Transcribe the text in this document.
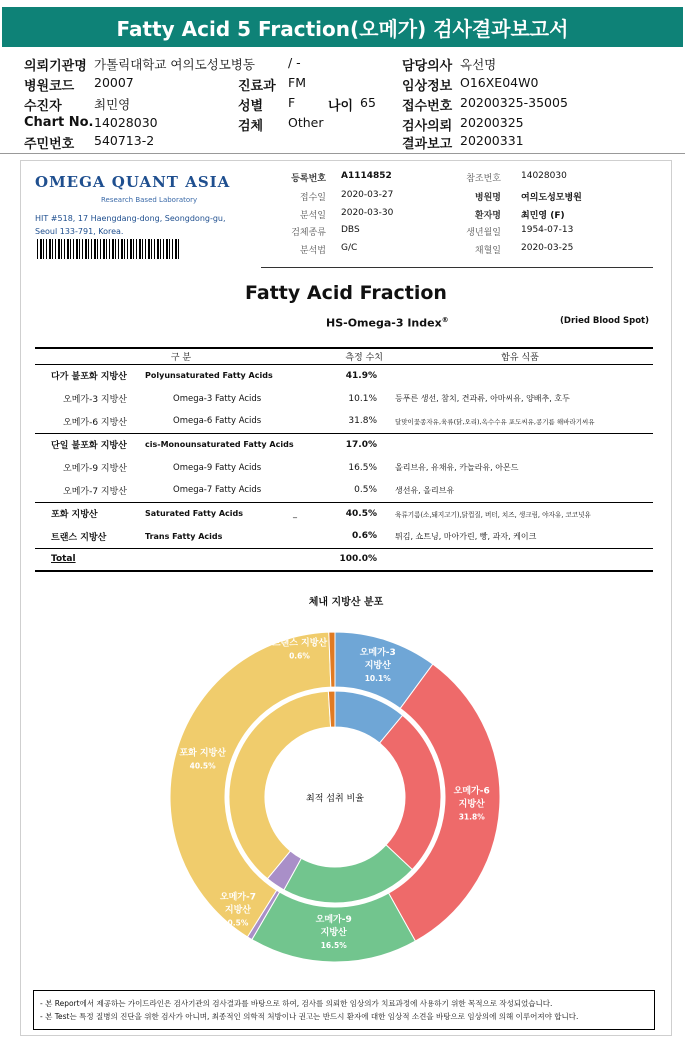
Fatty Acid 5 Fraction(오메가) 검사결과보고서
의뢰기관명 가톨릭대학교 여의도성모병동	/ -	담당의사 옥선명
병원코드 20007	진료과 FM	임상정보 O16XE04W0
수진자	최민영	성별 F	나이 65 접수번호 20200325-35005
Chart No. 14028030	검체 Other	검사의뢰 20200325
주민번호 540713-2	결과보고 20200331
OMEGA QUANT ASIA
Research Based Laboratory
HIT #518, 17 Haengdang-dong, Seongdong-gu,
Seoul 133-791, Korea.
등록번호 A1114852	참조번호 14028030
접수일 2020-03-27	병원명 여의도성모병원
분석일 2020-03-30	환자명 최민영 (F)
검체종류 DBS	생년월일 1954-07-13
분석법 G/C	채혈일 2020-03-25
Fatty Acid Fraction
HS-Omega-3 Index®	(Dried Blood Spot)
구 분		측정 수치	함유 식품
다가 불포화 지방산	Polyunsaturated Fatty Acids	41.9%	
오메가-3 지방산	Omega-3 Fatty Acids	10.1%	등푸른 생선, 참치, 견과류, 아마씨유, 양배추, 호두
오메가-6 지방산	Omega-6 Fatty Acids	31.8%	달맞이꽃종자유,육류(닭,오리),옥수수유 포도씨유,콩기름 해바라기씨유
단일 불포화 지방산	cis-Monounsaturated Fatty Acids	17.0%	
오메가-9 지방산	Omega-9 Fatty Acids	16.5%	올리브유, 유채유, 카놀라유, 아몬드
오메가-7 지방산	Omega-7 Fatty Acids	0.5%	생선유, 올리브유
포화 지방산	Saturated Fatty Acids _	40.5%	육류기름(소,돼지고기),닭껍질, 버터, 치즈, 생크림, 야자유, 코코넛유
트랜스 지방산	Trans Fatty Acids	0.6%	튀김, 쇼트닝, 마아가린, 빵, 과자, 케이크
Total		100.0%	
체내 지방산 분포
최적 섭취 비율
오메가-3
지방산
10.1%
오메가-6
지방산
31.8%
오메가-9
지방산
16.5%
오메가-7
지방산
0.5%
포화 지방산
40.5%
트랜스 지방산
0.6%
- 본 Report에서 제공하는 가이드라인은 검사기관의 검사결과를 바탕으로 하여, 검사를 의뢰한 임상의가 치료과정에 사용하기 위한 목적으로 작성되었습니다.
- 본 Test는 특정 질병의 진단을 위한 검사가 아니며, 최종적인 의학적 처방이나 권고는 반드시 환자에 대한 임상적 소견을 바탕으로 임상의에 의해 이루어져야 합니다.
